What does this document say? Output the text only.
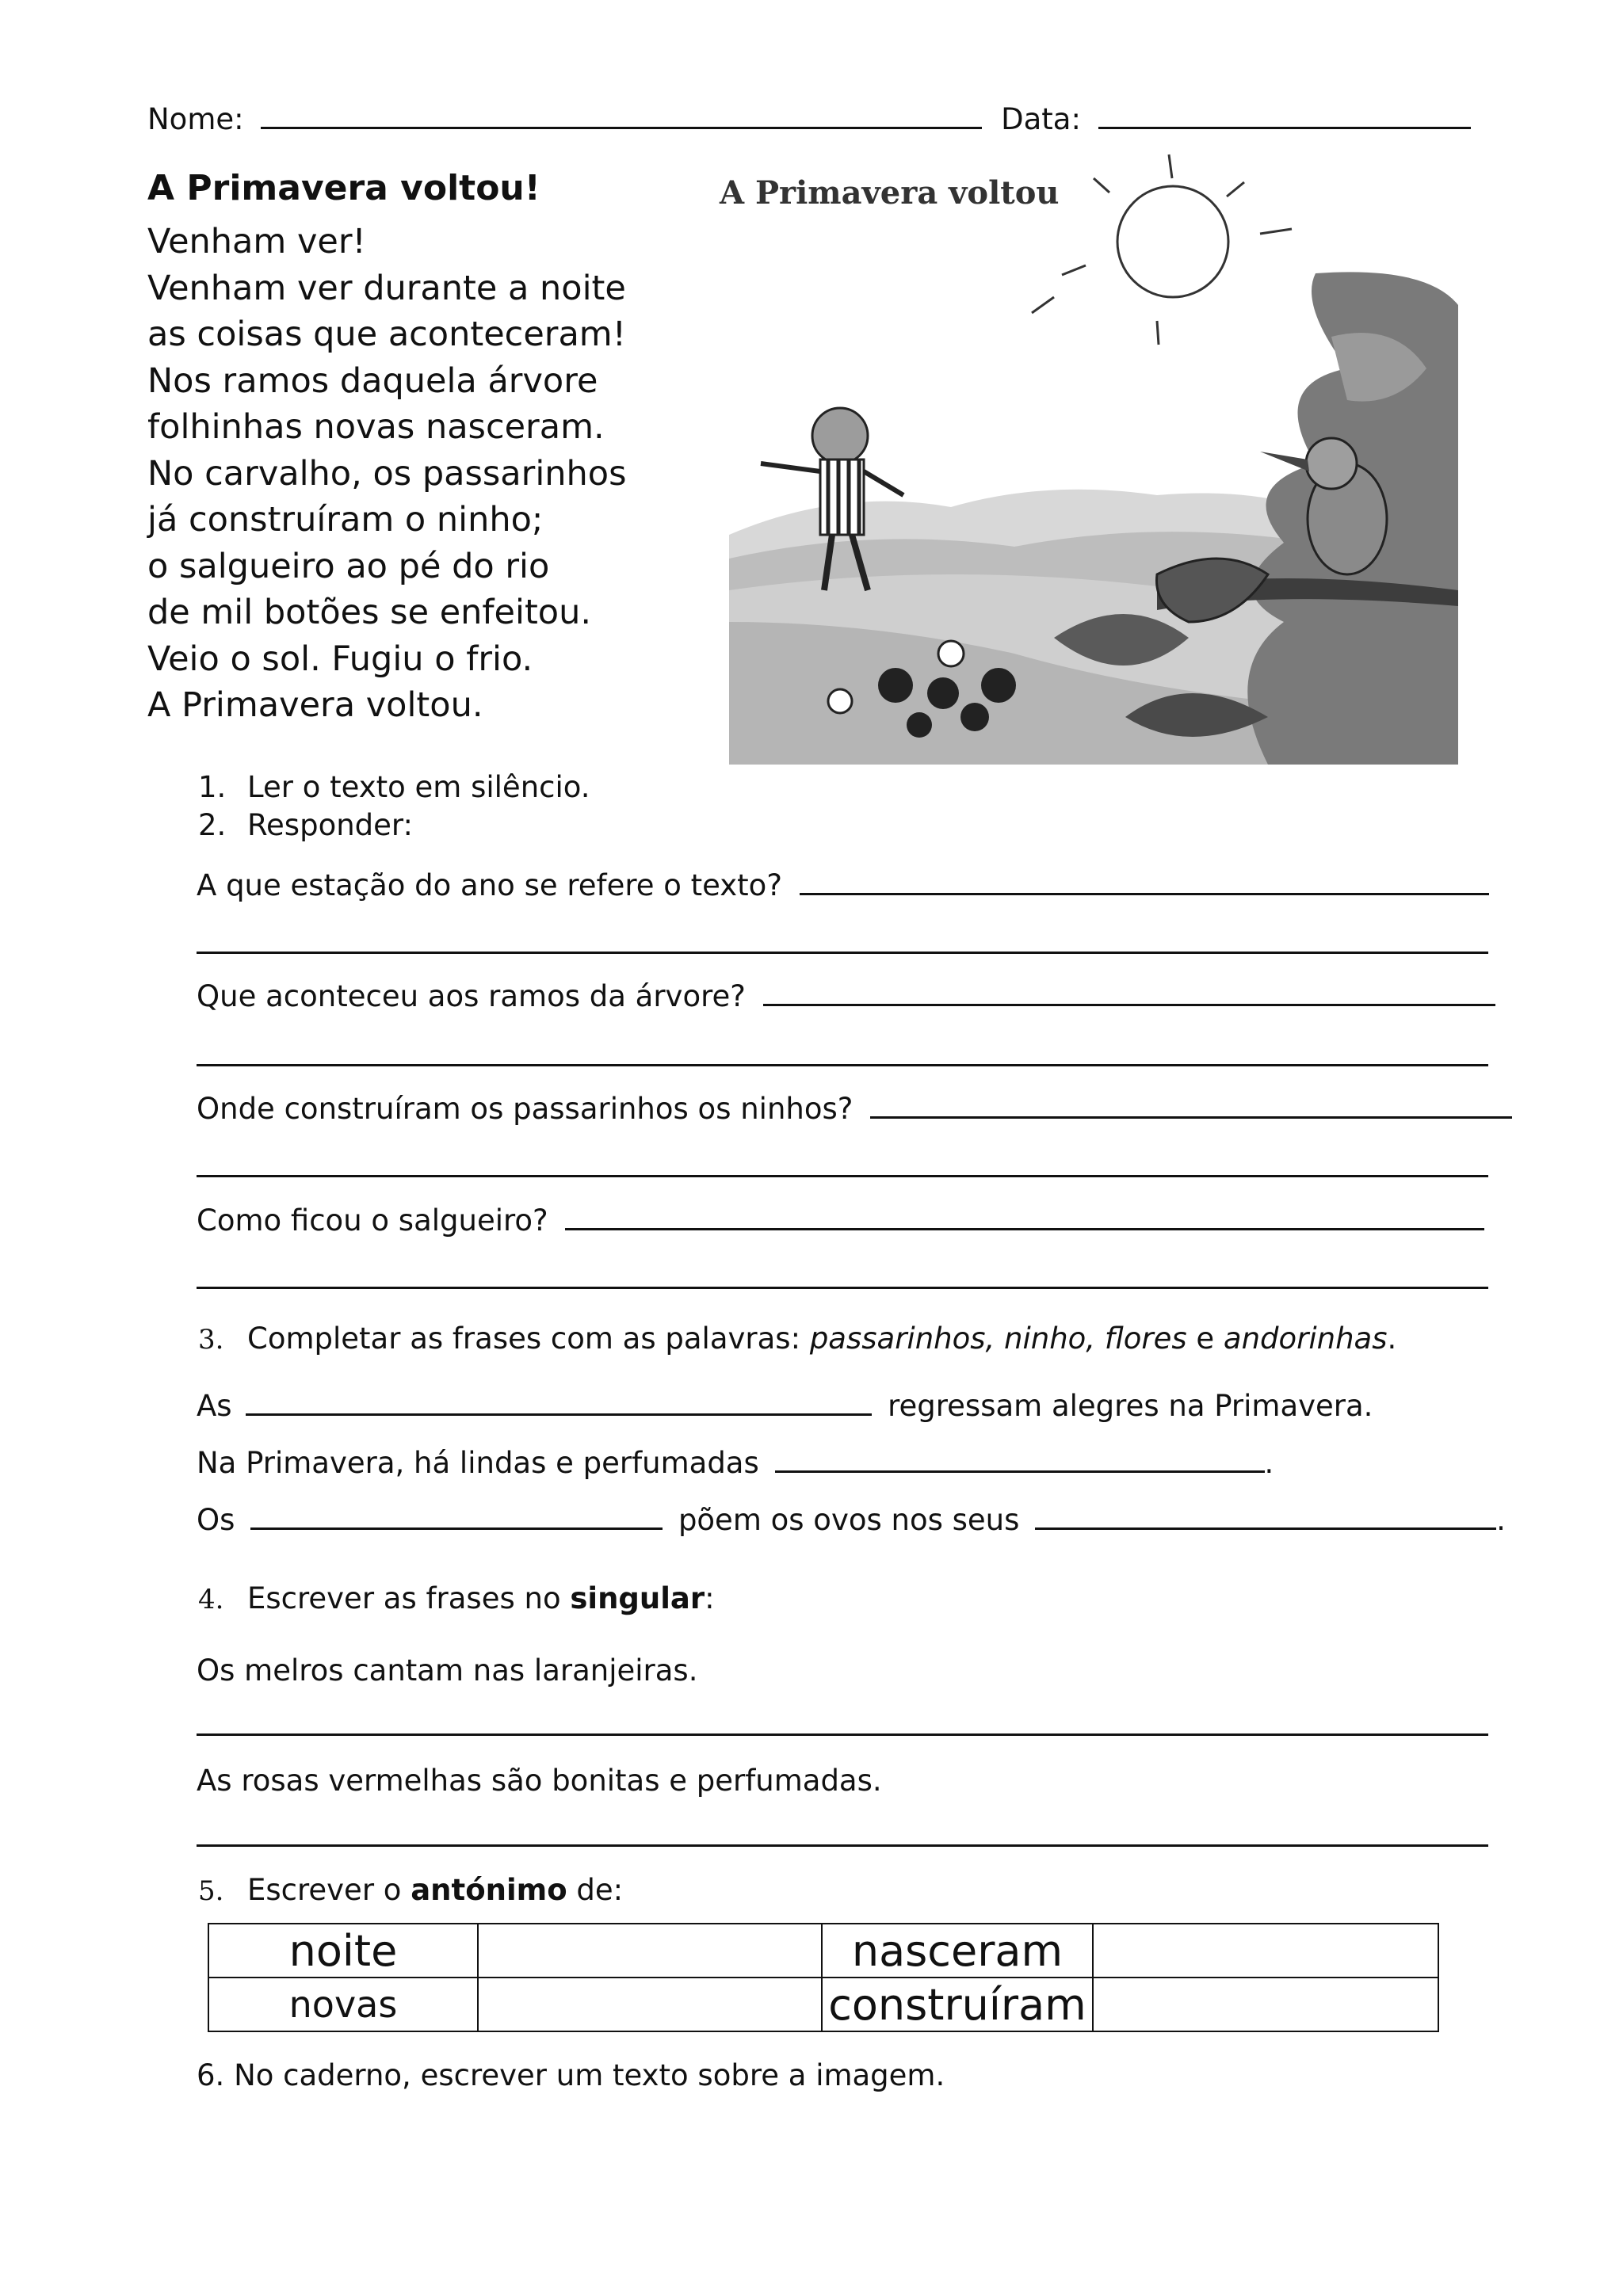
Nome:	Data:
A Primavera voltou!
Venham ver!
Venham ver durante a noite
as coisas que aconteceram!
Nos ramos daquela árvore
folhinhas novas nasceram.
No carvalho, os passarinhos
já construíram o ninho;
o salgueiro ao pé do rio
de mil botões se enfeitou.
Veio o sol. Fugiu o frio.
A Primavera voltou.
A Primavera voltou
1. Ler o texto em silêncio.
2. Responder:
A que estação do ano se refere o texto?
Que aconteceu aos ramos da árvore?
Onde construíram os passarinhos os ninhos?
Como ficou o salgueiro?
3. Completar as frases com as palavras: passarinhos, ninho, flores e andorinhas.
As	regressam alegres na Primavera.
Na Primavera, há lindas e perfumadas	.
Os	põem os ovos nos seus	.
4. Escrever as frases no singular:
Os melros cantam nas laranjeiras.
As rosas vermelhas são bonitas e perfumadas.
5. Escrever o antónimo de:
noite		nasceram	
novas		construíram	
6. No caderno, escrever um texto sobre a imagem.
